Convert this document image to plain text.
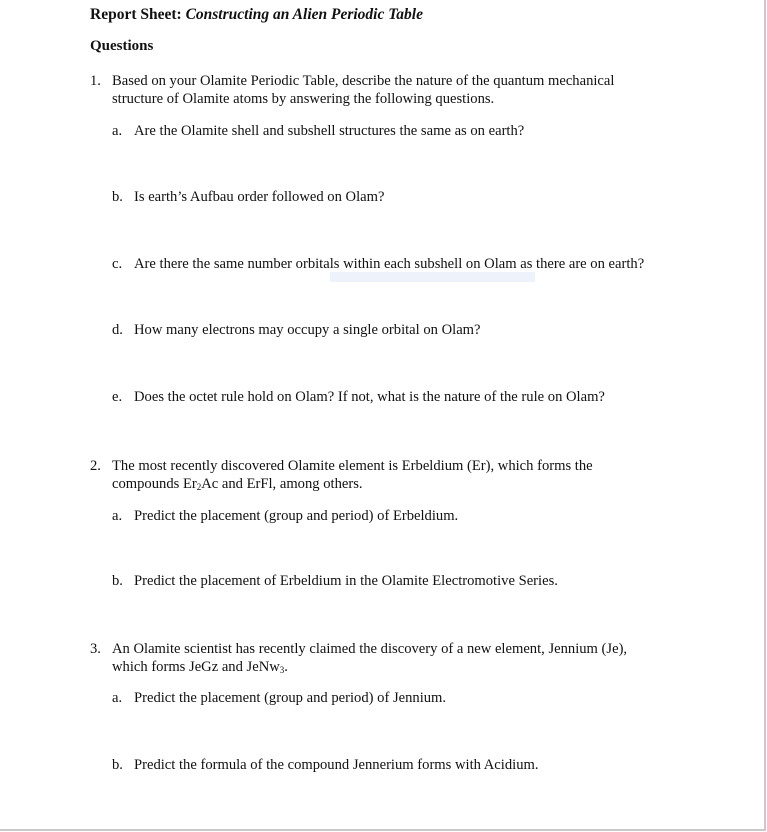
Report Sheet: Constructing an Alien Periodic Table
Questions
1. Based on your Olamite Periodic Table, describe the nature of the quantum mechanical
structure of Olamite atoms by answering the following questions.
a. Are the Olamite shell and subshell structures the same as on earth?
b. Is earth’s Aufbau order followed on Olam?
c. Are there the same number orbitals within each subshell on Olam as there are on earth?
d. How many electrons may occupy a single orbital on Olam?
e. Does the octet rule hold on Olam? If not, what is the nature of the rule on Olam?
2. The most recently discovered Olamite element is Erbeldium (Er), which forms the
compounds $Er_2Ac$ and ErFl, among others.
a. Predict the placement (group and period) of Erbeldium.
b. Predict the placement of Erbeldium in the Olamite Electromotive Series.
3. An Olamite scientist has recently claimed the discovery of a new element, Jennium (Je),
which forms JeGz and JeNw$_3$.
a. Predict the placement (group and period) of Jennium.
b. Predict the formula of the compound Jennerium forms with Acidium.
